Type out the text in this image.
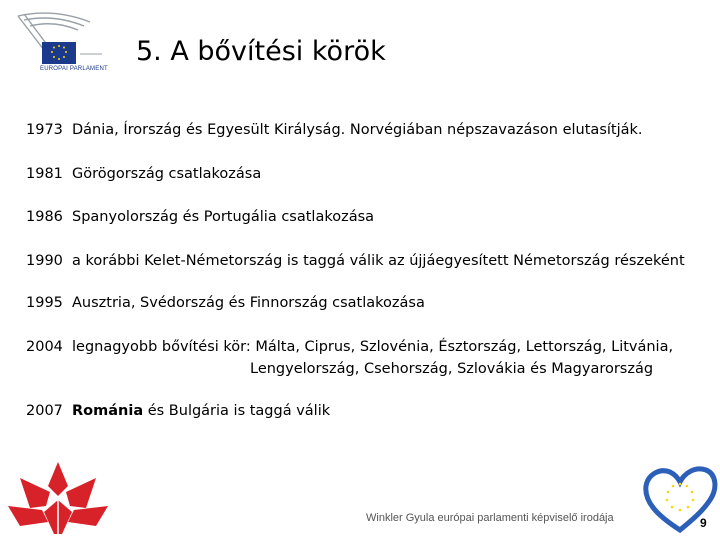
EUROPAI PARLAMENT
5. A bővítési körök
1973 Dánia, Írország és Egyesült Királyság. Norvégiában népszavazáson elutasítják.
1981 Görögország csatlakozása
1986 Spanyolország és Portugália csatlakozása
1990 a korábbi Kelet-Németország is taggá válik az újjáegyesített Németország részeként
1995 Ausztria, Svédország és Finnország csatlakozása
2004 legnagyobb bővítési kör: Málta, Ciprus, Szlovénia, Észtország, Lettország, Litvánia,
Lengyelország, Csehország, Szlovákia és Magyarország
2007 Románia és Bulgária is taggá válik
Winkler Gyula európai parlamenti képviselő irodája	9
